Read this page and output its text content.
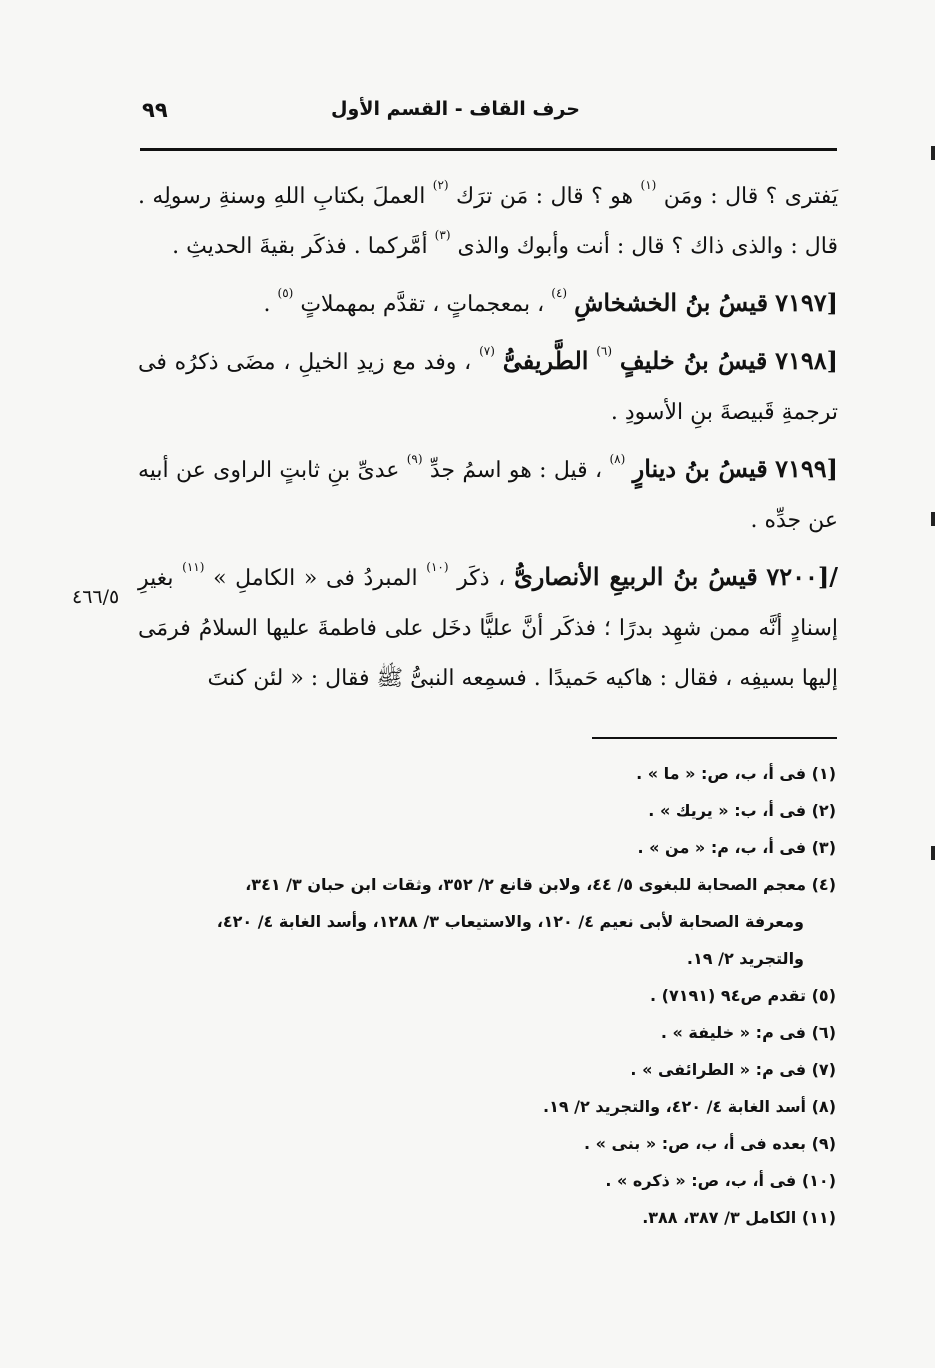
حرف القاف - القسم الأول
٩٩

يَفترى ؟ قال : ومَن $^{(١)}$ هو ؟ قال : مَن ترَك $^{(٢)}$ العملَ بكتابِ اللهِ وسنةِ رسولِه . قال : والذى ذاك ؟ قال : أنت وأبوك والذى $^{(٣)}$ أمَّركما . فذكَر بقيةَ الحديثِ .

[٧١٩٧ قيسُ بنُ الخشخاشِ $^{(٤)}$ ، بمعجماتٍ ، تقدَّم بمهملاتٍ $^{(٥)}$ .

[٧١٩٨ قيسُ بنُ خليفٍ $^{(٦)}$ الطَّريفىُّ $^{(٧)}$ ، وفد مع زيدِ الخيلِ ، مضَى ذكرُه فى ترجمةِ قَبيصةَ بنِ الأسودِ .

[٧١٩٩ قيسُ بنُ دينارٍ $^{(٨)}$ ، قيل : هو اسمُ جدِّ $^{(٩)}$ عدىِّ بنِ ثابتٍ الراوى عن أبيه عن جدِّه .

/[٧٢٠٠ قيسُ بنُ الربيعِ الأنصارىُّ ، ذكَر $^{(١٠)}$ المبردُ فى « الكاملِ » $^{(١١)}$ بغيرِ إسنادٍ أنَّه ممن شهِد بدرًا ؛ فذكَر أنَّ عليًّا دخَل على فاطمةَ عليها السلامُ فرمَى إليها بسيفِه ، فقال : هاكيه حَميدًا . فسمِعه النبىُّ ﷺ فقال : « لئن كنتَ

٤٦٦/٥

(١) فى أ، ب، ص: « ما » .

(٢) فى أ، ب: « يريك » .

(٣) فى أ، ب، م: « من » .

(٤) معجم الصحابة للبغوى ٥/ ٤٤، ولابن قانع ٢/ ٣٥٢، وثقات ابن حبان ٣/ ٣٤١،
ومعرفة الصحابة لأبى نعيم ٤/ ١٢٠، والاستيعاب ٣/ ١٢٨٨، وأسد الغابة ٤/ ٤٢٠،
والتجريد ٢/ ١٩.

(٥) تقدم ص٩٤ (٧١٩١) .

(٦) فى م: « خليفة » .

(٧) فى م: « الطرائفى » .

(٨) أسد الغابة ٤/ ٤٢٠، والتجريد ٢/ ١٩.

(٩) بعده فى أ، ب، ص: « بنى » .

(١٠) فى أ، ب، ص: « ذكره » .

(١١) الكامل ٣/ ٣٨٧، ٣٨٨.
